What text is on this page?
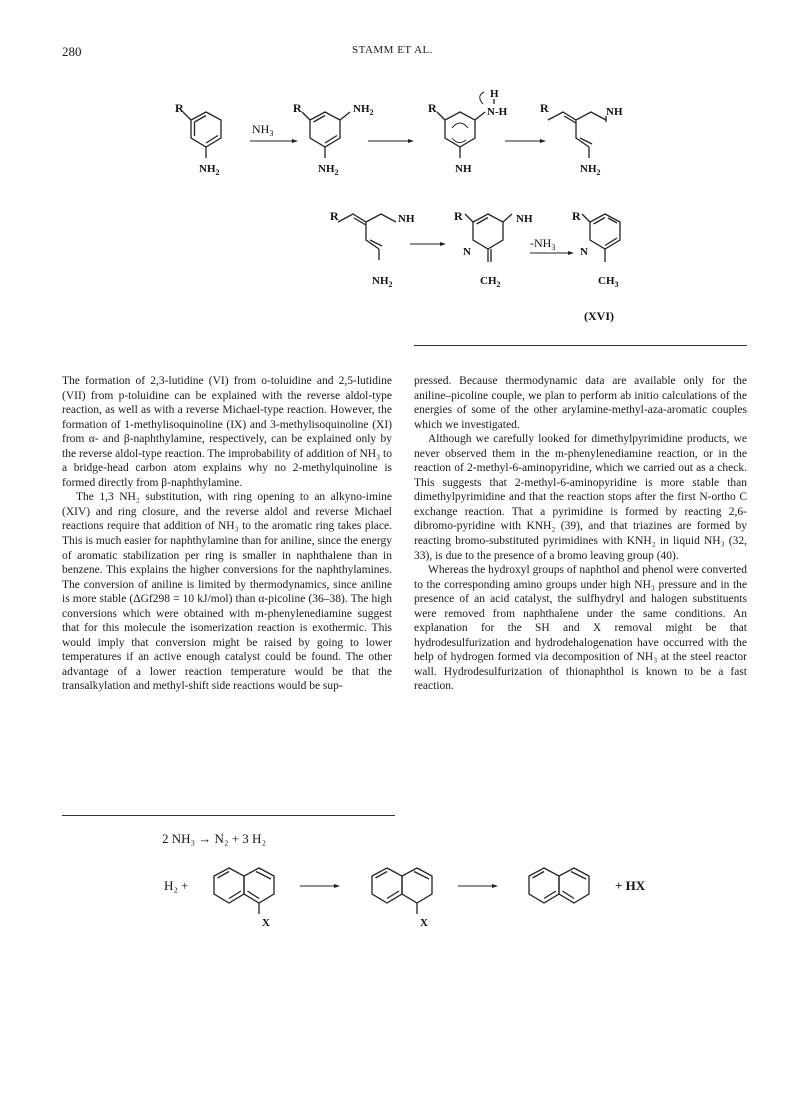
280	STAMM ET AL.
R
$NH_2$
$NH_3$
R	$NH_2$
$NH_2$
R
H
N-H
NH
R	NH
$NH_2$
R	NH
$NH_2$
R	NH
N
$CH_2$
$-NH_3$
R
N
$CH_3$
(XVI)

The formation of 2,3-lutidine (VI) from o-toluidine and 2,5-lutidine (VII) from p-toluidine can be explained with the reverse aldol-type reaction, as well as with a reverse Michael-type reaction. However, the formation of 1-methylisoquinoline (IX) and 3-methylisoquinoline (XI) from α- and β-naphthylamine, respectively, can be explained only by the reverse aldol-type reaction. The improbability of addition of NH₃ to a bridge-head carbon atom explains why no 2-methylquinoline is formed directly from β-naphthylamine.

The 1,3 NH₂ substitution, with ring opening to an alkyno-imine (XIV) and ring closure, and the reverse aldol and reverse Michael reactions require that addition of NH₃ to the aromatic ring takes place. This is much easier for naphthylamine than for aniline, since the energy of aromatic stabilization per ring is smaller in naphthalene than in benzene. This explains the higher conversions for the naphthylamines. The conversion of aniline is limited by thermodynamics, since aniline is more stable (ΔGf298 = 10 kJ/mol) than α-picoline (36–38). The high conversions which were obtained with m-phenylenediamine suggest that for this molecule the isomerization reaction is exothermic. This would imply that conversion might be raised by going to lower temperatures if an active enough catalyst could be found. The other advantage of a lower reaction temperature would be that the transalkylation and methyl-shift side reactions would be sup-

pressed. Because thermodynamic data are available only for the aniline–picoline couple, we plan to perform ab initio calculations of the energies of some of the other arylamine-methyl-aza-aromatic couples which we investigated.

Although we carefully looked for dimethylpyrimidine products, we never observed them in the m-phenylenediamine reaction, or in the reaction of 2-methyl-6-aminopyridine, which we carried out as a check. This suggests that 2-methyl-6-aminopyridine is more stable than dimethylpyrimidine and that the reaction stops after the first N-ortho C exchange reaction. That a pyrimidine is formed by reacting 2,6-dibromo-pyridine with KNH₂ (39), and that triazines are formed by reacting bromo-substituted pyrimidines with KNH₂ in liquid NH₃ (32, 33), is due to the presence of a bromo leaving group (40).

Whereas the hydroxyl groups of naphthol and phenol were converted to the corresponding amino groups under high NH₃ pressure and in the presence of an acid catalyst, the sulfhydryl and halogen substituents were removed from naphthalene under the same conditions. An explanation for the SH and X removal might be that hydrodesulfurization and hydrodehalogenation have occurred with the help of hydrogen formed via decomposition of NH₃ at the steel reactor wall. Hydrodesulfurization of thionaphthol is known to be a fast reaction.

2 NH₃ → N₂ + 3 H₂
H₂ +
X	X
+ HX
